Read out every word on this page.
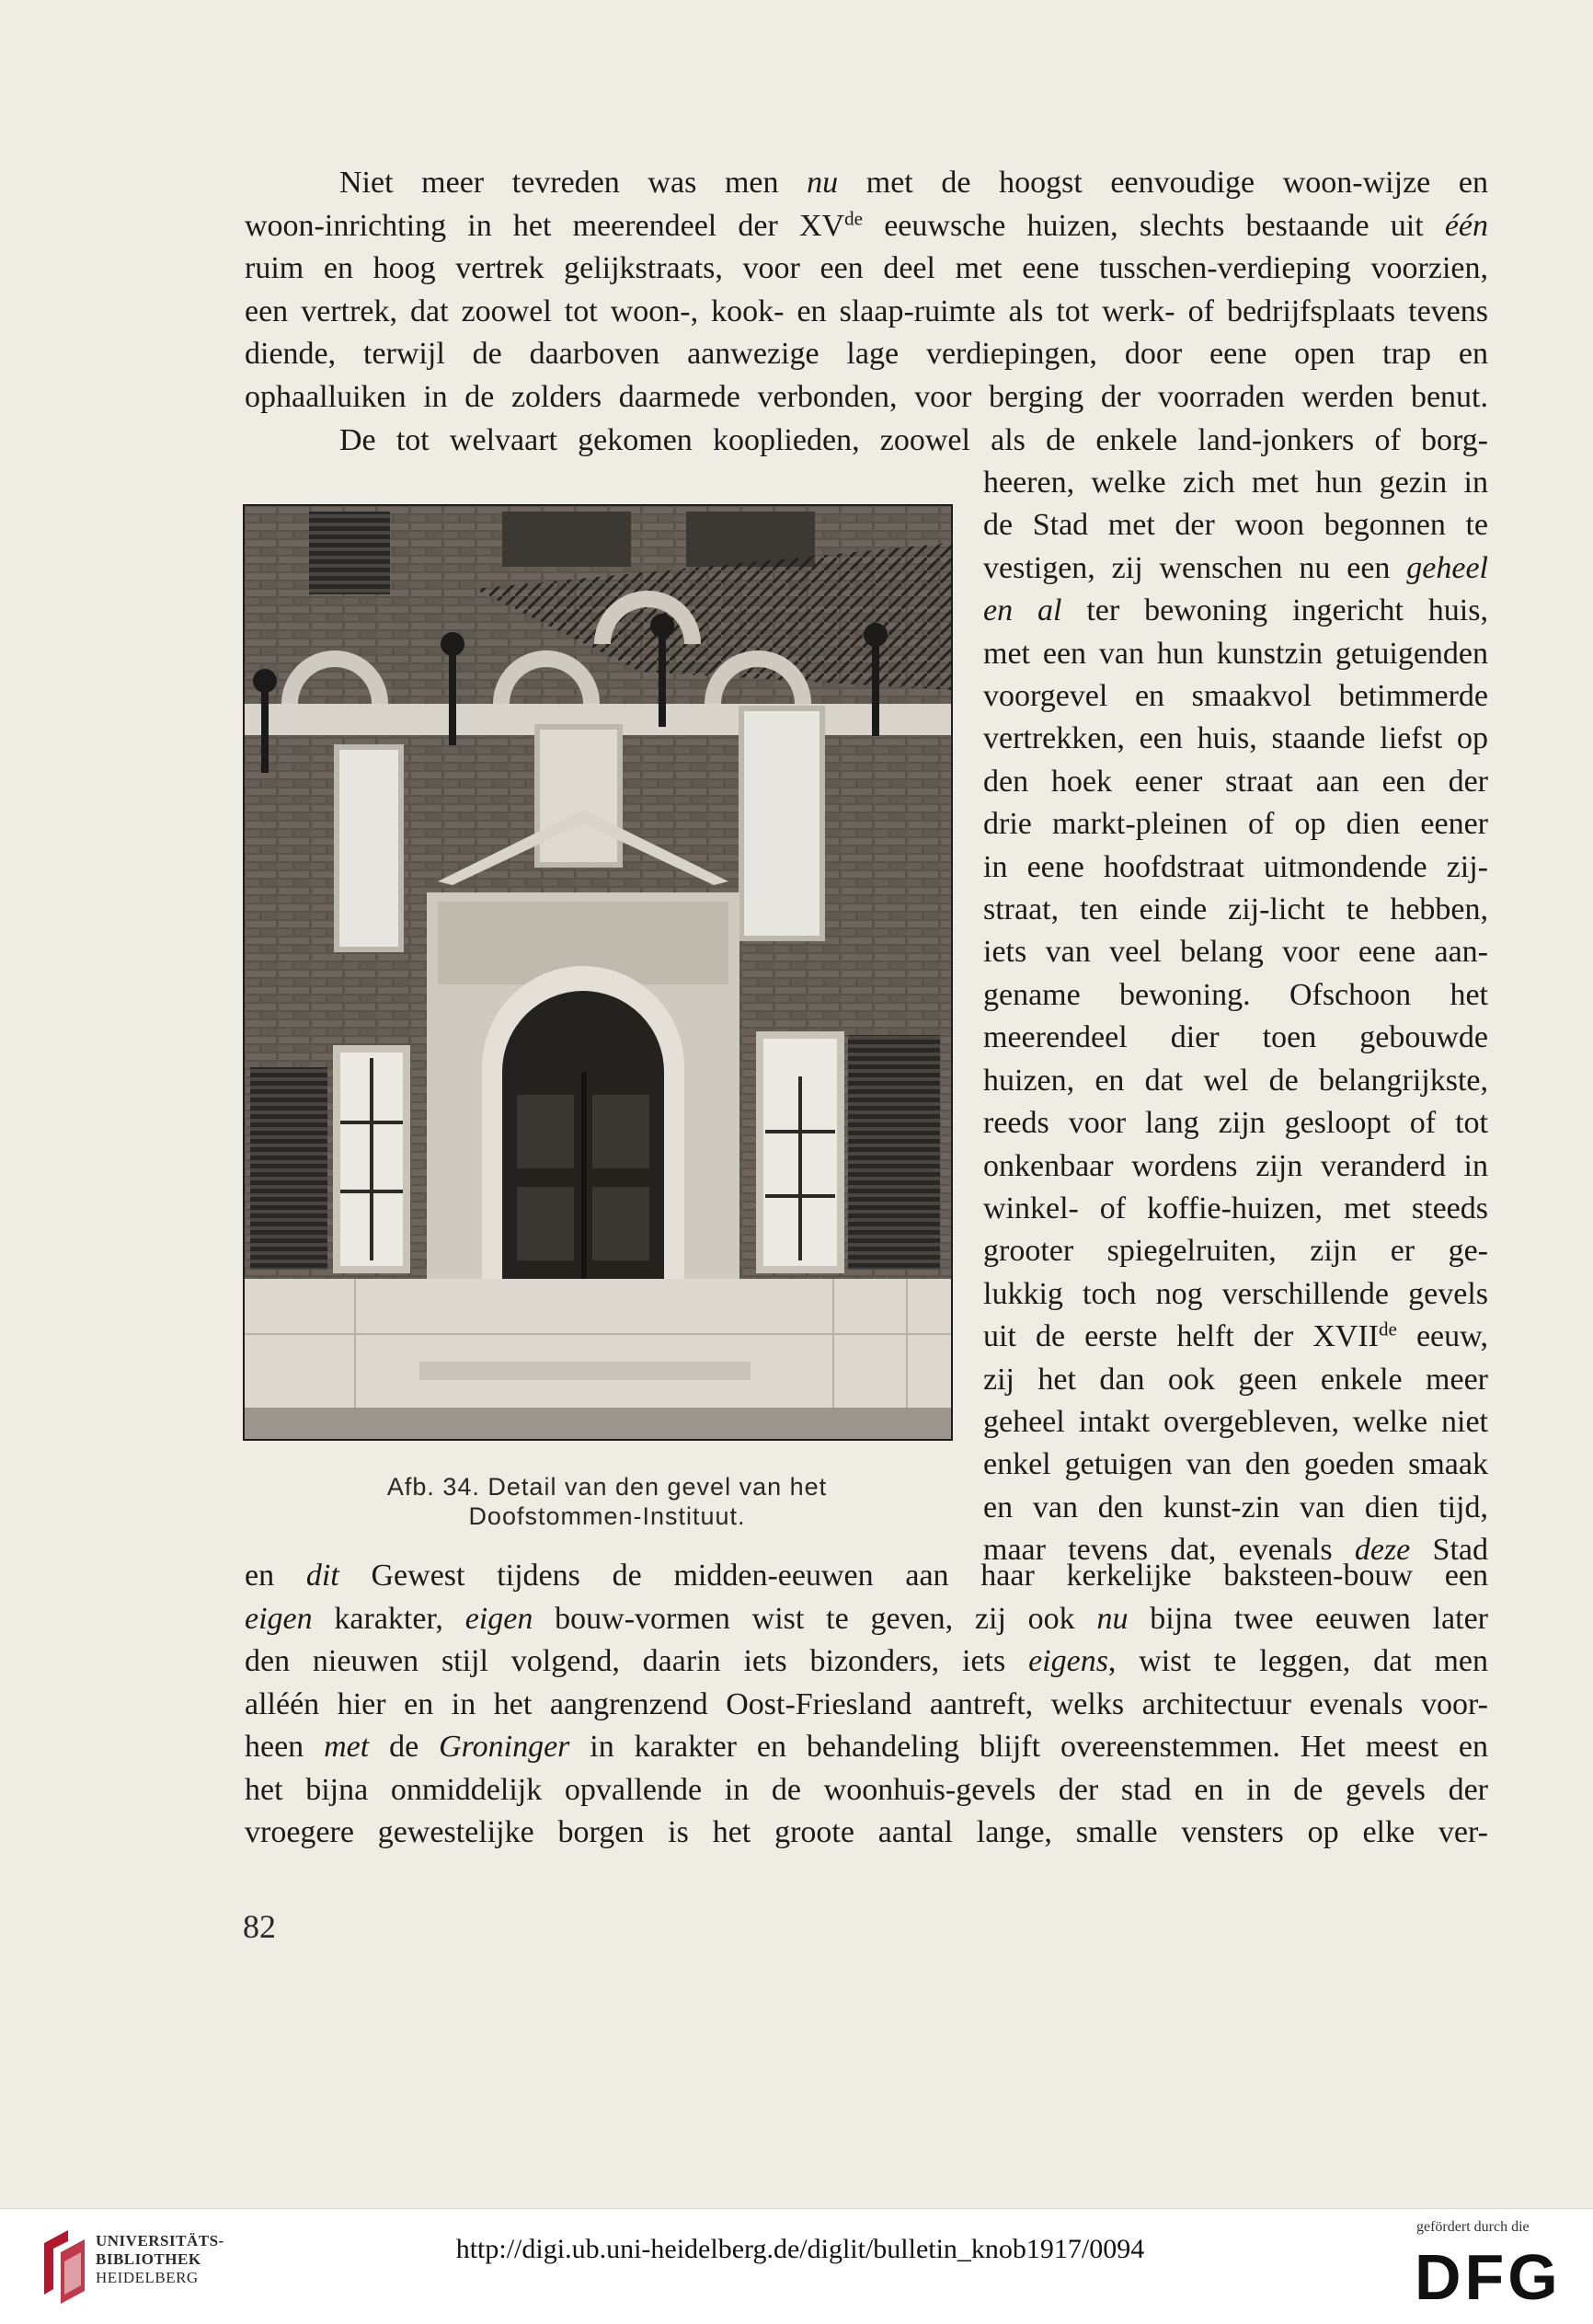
Niet meer tevreden was men nu met de hoogst eenvoudige woon-wijze en
woon-inrichting in het meerendeel der XVde eeuwsche huizen, slechts bestaande uit één
ruim en hoog vertrek gelijkstraats, voor een deel met eene tusschen-verdieping voorzien,
een vertrek, dat zoowel tot woon-, kook- en slaap-ruimte als tot werk- of bedrijfsplaats tevens
diende, terwijl de daarboven aanwezige lage verdiepingen, door eene open trap en
ophaalluiken in de zolders daarmede verbonden, voor berging der voorraden werden benut.

De tot welvaart gekomen kooplieden, zoowel als de enkele land-jonkers of borg-

Afb. 34. Detail van den gevel van het
Doofstommen-Instituut.
heeren, welke zich met hun gezin in
de Stad met der woon begonnen te
vestigen, zij wenschen nu een geheel
en al ter bewoning ingericht huis,
met een van hun kunstzin getuigenden
voorgevel en smaakvol betimmerde
vertrekken, een huis, staande liefst op
den hoek eener straat aan een der
drie markt-pleinen of op dien eener
in eene hoofdstraat uitmondende zij-
straat, ten einde zij-licht te hebben,
iets van veel belang voor eene aan-
gename bewoning. Ofschoon het
meerendeel dier toen gebouwde
huizen, en dat wel de belangrijkste,
reeds voor lang zijn gesloopt of tot
onkenbaar wordens zijn veranderd in
winkel- of koffie-huizen, met steeds
grooter spiegelruiten, zijn er ge-
lukkig toch nog verschillende gevels
uit de eerste helft der XVIIde eeuw,
zij het dan ook geen enkele meer
geheel intakt overgebleven, welke niet
enkel getuigen van den goeden smaak
en van den kunst-zin van dien tijd,
maar tevens dat, evenals deze Stad

en dit Gewest tijdens de midden-eeuwen aan haar kerkelijke baksteen-bouw een
eigen karakter, eigen bouw-vormen wist te geven, zij ook nu bijna twee eeuwen later
den nieuwen stijl volgend, daarin iets bizonders, iets eigens, wist te leggen, dat men
alléén hier en in het aangrenzend Oost-Friesland aantreft, welks architectuur evenals voor-
heen met de Groninger in karakter en behandeling blijft overeenstemmen. Het meest en
het bijna onmiddelijk opvallende in de woonhuis-gevels der stad en in de gevels der
vroegere gewestelijke borgen is het groote aantal lange, smalle vensters op elke ver-

82
UNIVERSITÄTS-
BIBLIOTHEK
HEIDELBERG
http://digi.ub.uni-heidelberg.de/diglit/bulletin_knob1917/0094
gefördert durch die
DFG
